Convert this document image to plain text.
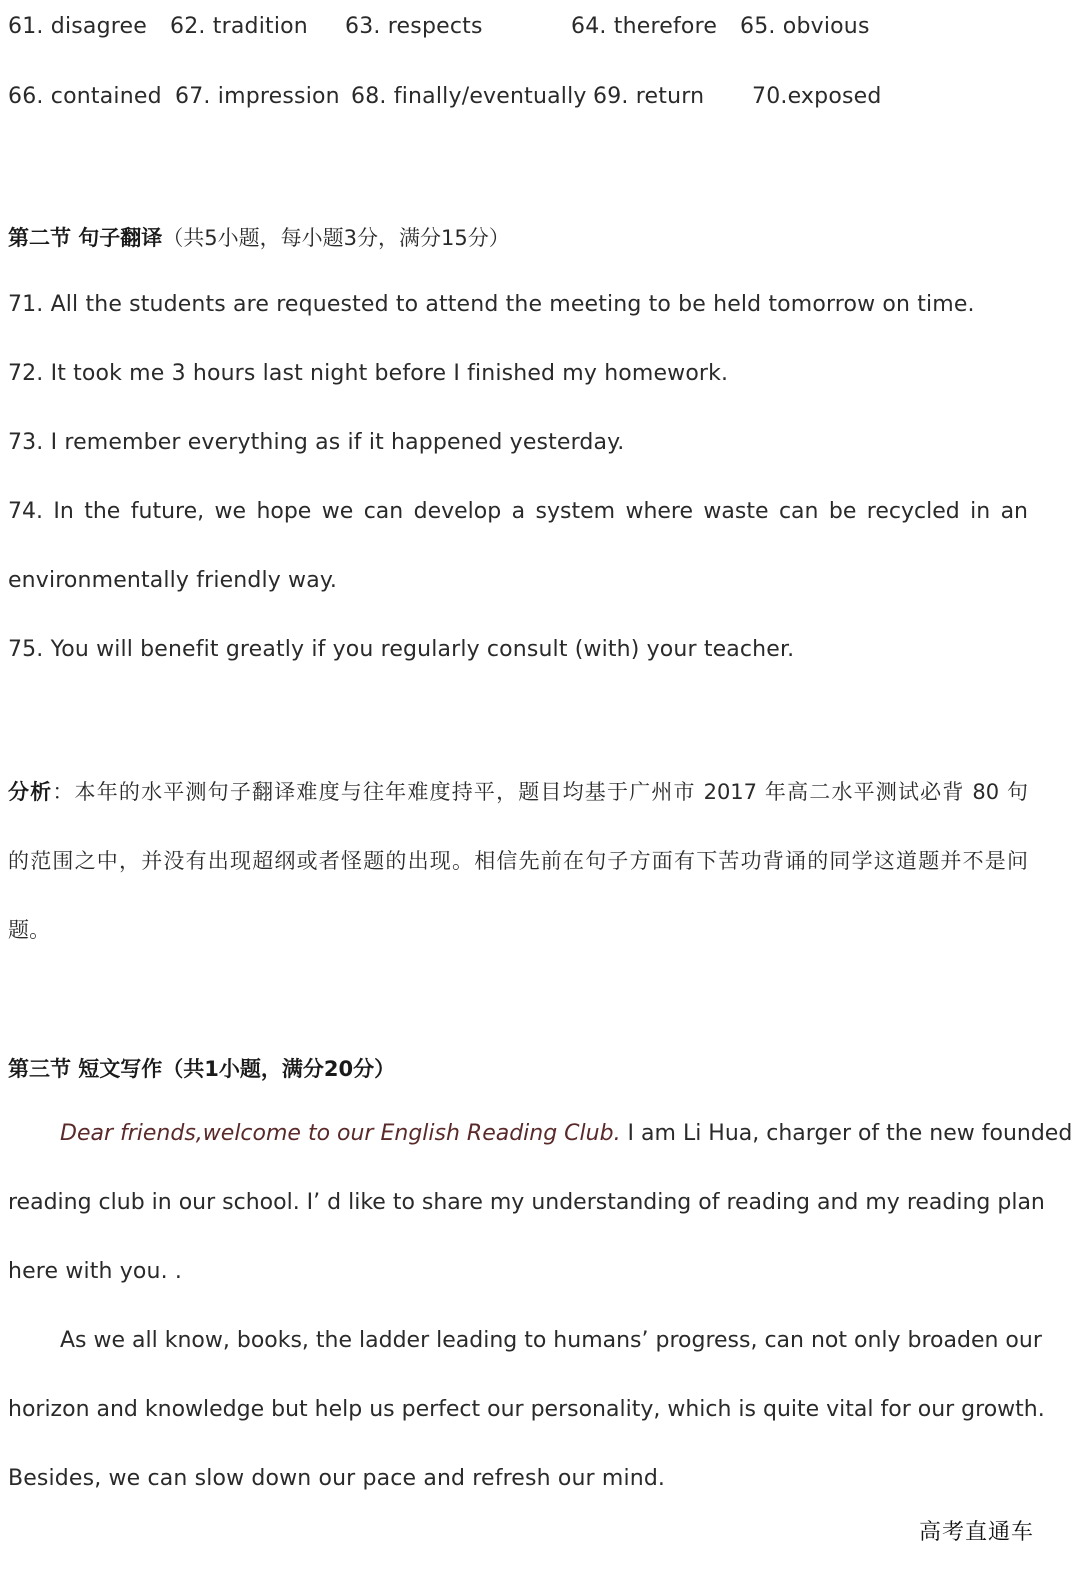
61. disagree 62. tradition 63. respects	64. therefore 65. obvious
66. contained 67. impression 68. finally/eventually 69. return 70.exposed
第二节 句子翻译（共5小题，每小题3分，满分15分）
71. All the students are requested to attend the meeting to be held tomorrow on time.
72. It took me 3 hours last night before I finished my homework.
73. I remember everything as if it happened yesterday.
74. In the future, we hope we can develop a system where waste can be recycled in an
environmentally friendly way.
75. You will benefit greatly if you regularly consult (with) your teacher.
分析：本年的水平测句子翻译难度与往年难度持平，题目均基于广州市 2017 年高二水平测试必背 80 句
的范围之中，并没有出现超纲或者怪题的出现。相信先前在句子方面有下苦功背诵的同学这道题并不是问
题。
第三节 短文写作（共1小题，满分20分）
Dear friends,welcome to our English Reading Club. I am Li Hua, charger of the new founded
reading club in our school. I’ d like to share my understanding of reading and my reading plan
here with you. .
As we all know, books, the ladder leading to humans’ progress, can not only broaden our
horizon and knowledge but help us perfect our personality, which is quite vital for our growth.
Besides, we can slow down our pace and refresh our mind.
高考直通车
